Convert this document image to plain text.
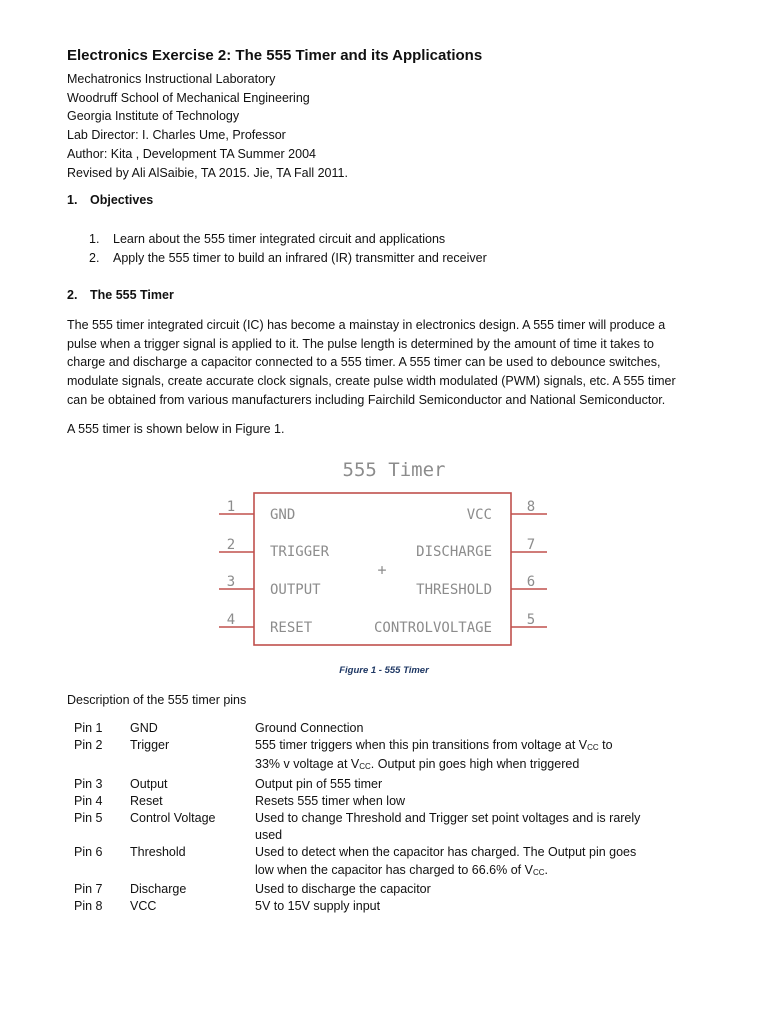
Electronics Exercise 2: The 555 Timer and its Applications
Mechatronics Instructional Laboratory
Woodruff School of Mechanical Engineering
Georgia Institute of Technology
Lab Director: I. Charles Ume, Professor
Author: Kita , Development TA Summer 2004
Revised by Ali AlSaibie, TA 2015. Jie, TA Fall 2011.
1. Objectives
1. Learn about the 555 timer integrated circuit and applications
2. Apply the 555 timer to build an infrared (IR) transmitter and receiver
2. The 555 Timer
The 555 timer integrated circuit (IC) has become a mainstay in electronics design. A 555 timer will produce a
pulse when a trigger signal is applied to it. The pulse length is determined by the amount of time it takes to
charge and discharge a capacitor connected to a 555 timer. A 555 timer can be used to debounce switches,
modulate signals, create accurate clock signals, create pulse width modulated (PWM) signals, etc. A 555 timer
can be obtained from various manufacturers including Fairchild Semiconductor and National Semiconductor.
A 555 timer is shown below in Figure 1.
555 Timer
1
2
3
4
GND
TRIGGER
OUTPUT
RESET
8
7
6
5
VCC
DISCHARGE
THRESHOLD
CONTROLVOLTAGE
+
Figure 1 - 555 Timer
Description of the 555 timer pins
Pin 1 GND	Ground Connection
Pin 2 Trigger	555 timer triggers when this pin transitions from voltage at $V_{CC}$ to
33% v voltage at $V_{CC}$. Output pin goes high when triggered
Pin 3 Output	Output pin of 555 timer
Pin 4 Reset	Resets 555 timer when low
Pin 5 Control Voltage	Used to change Threshold and Trigger set point voltages and is rarely
used
Pin 6 Threshold	Used to detect when the capacitor has charged. The Output pin goes
low when the capacitor has charged to 66.6% of $V_{CC}$.
Pin 7 Discharge	Used to discharge the capacitor
Pin 8 VCC	5V to 15V supply input
